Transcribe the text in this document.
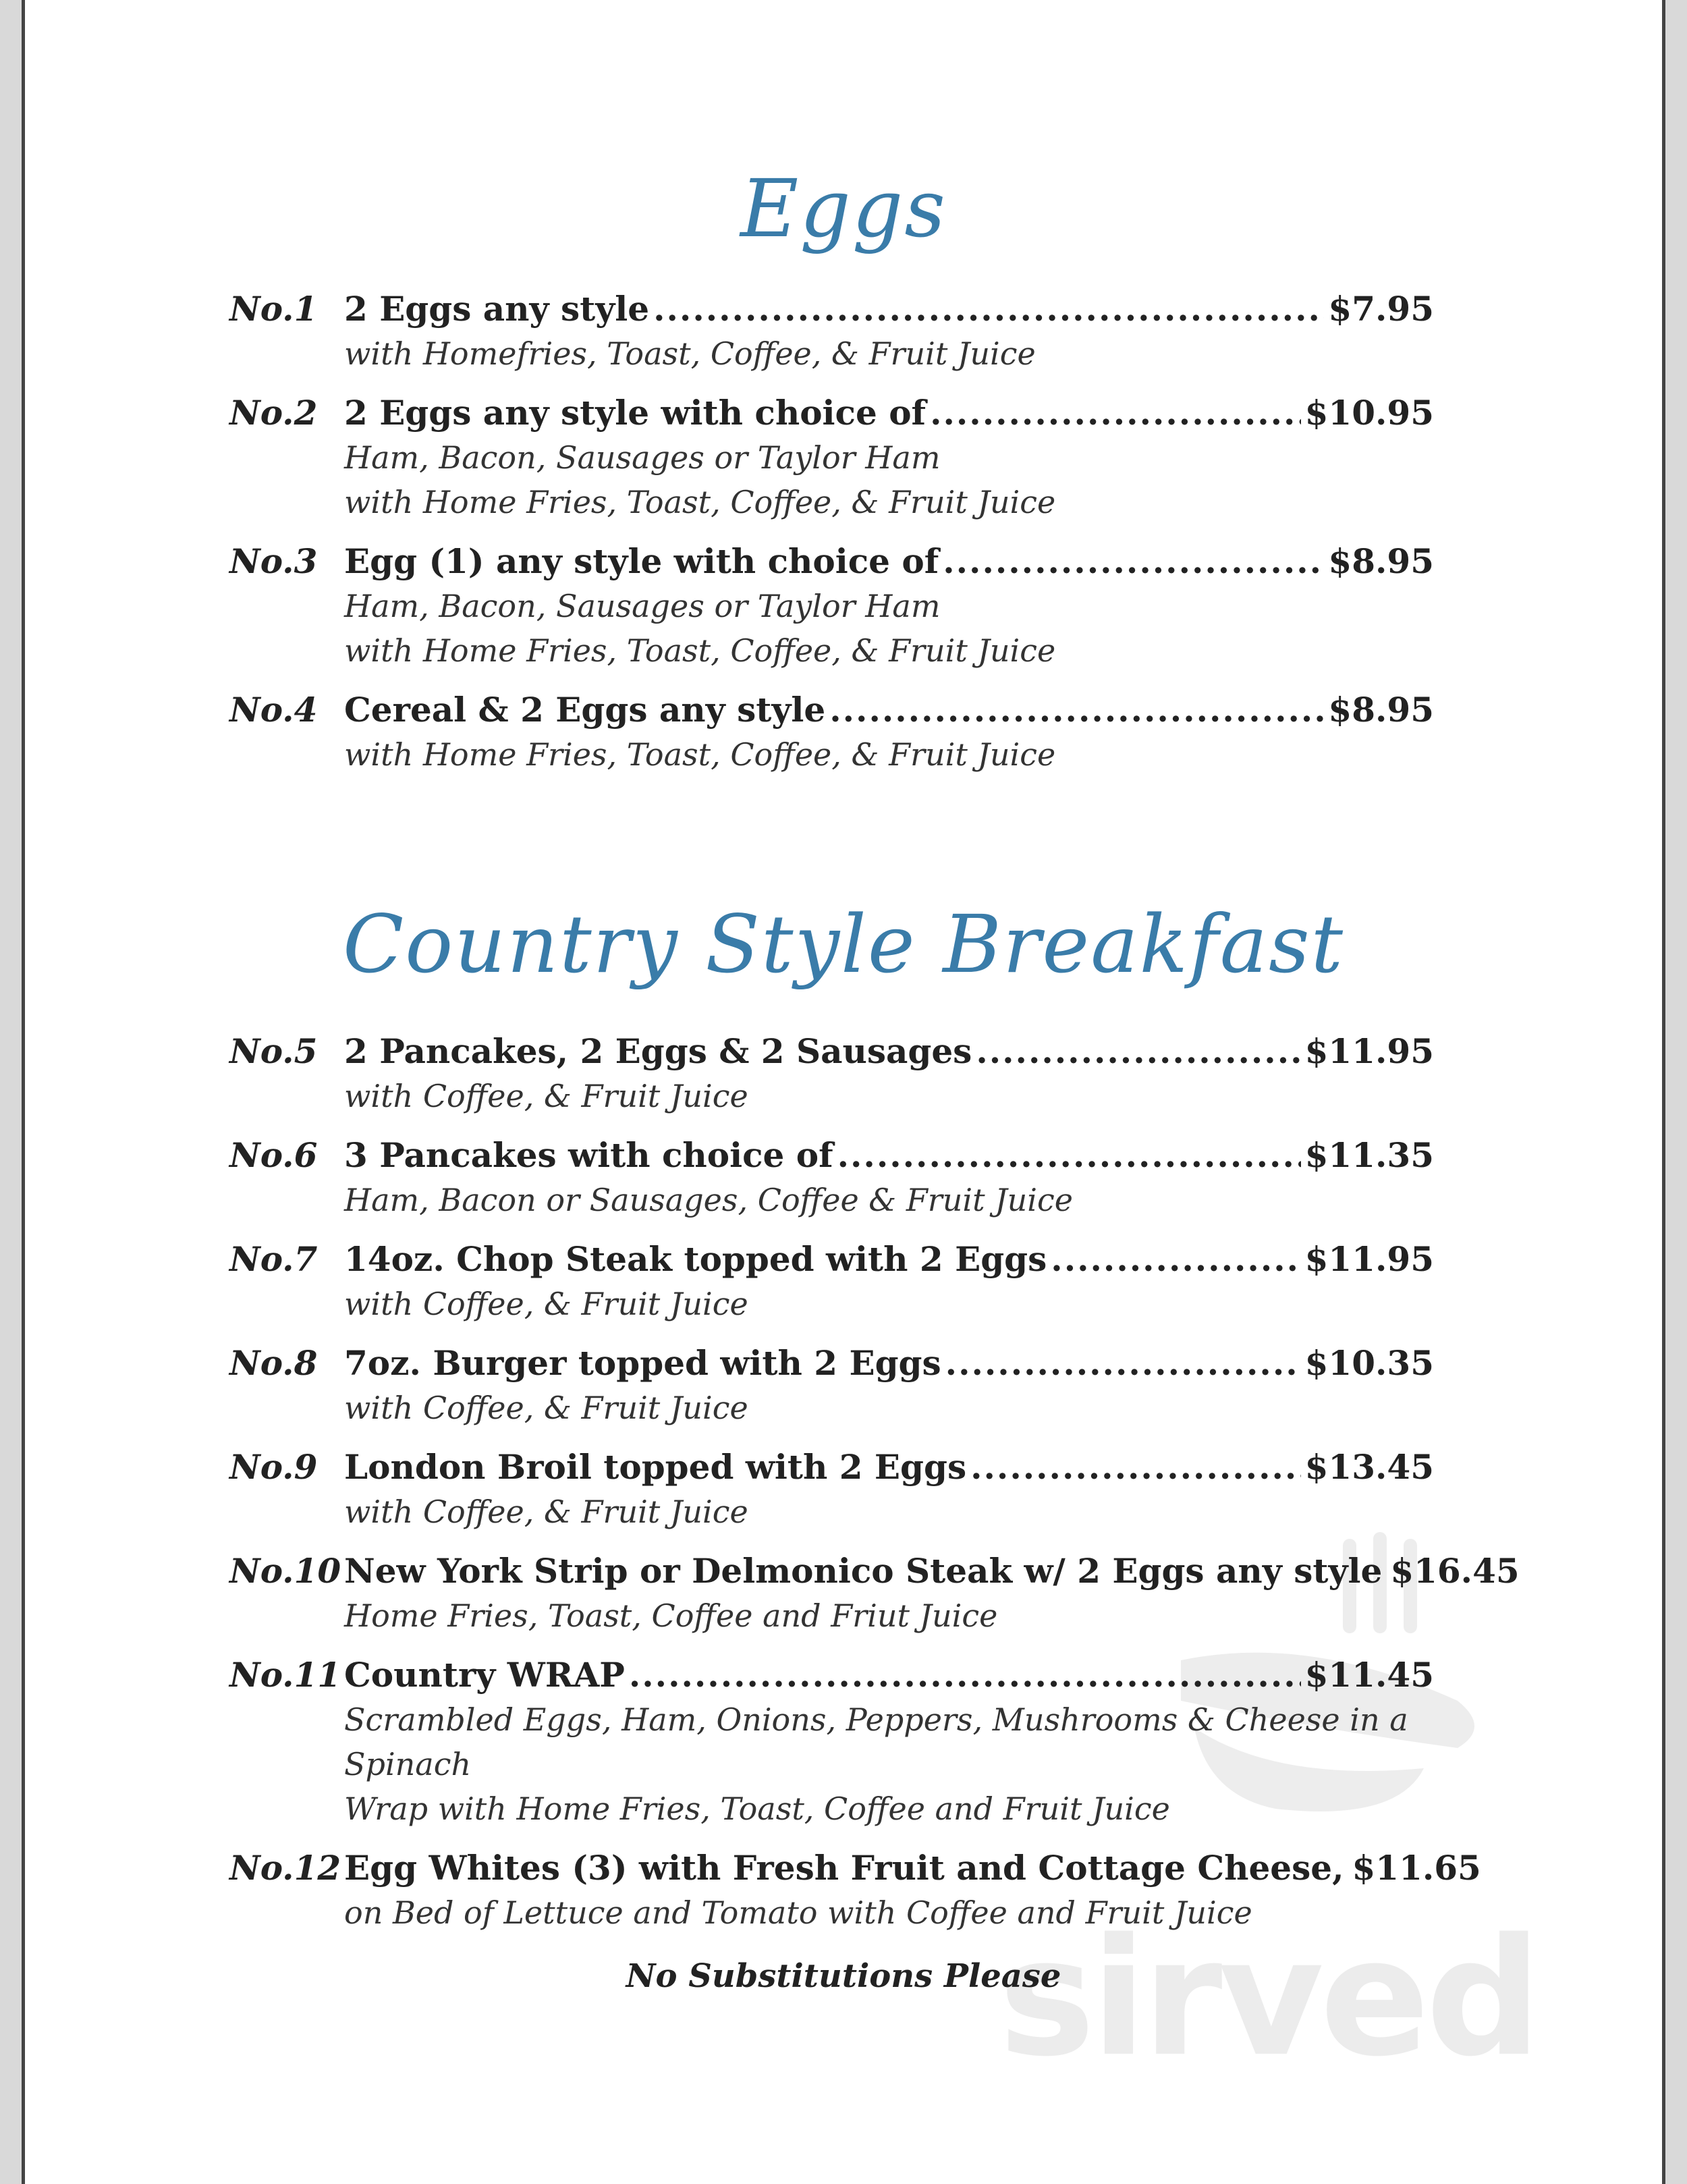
sirved
Eggs
No.1 2 Eggs any style .....	$7.95
with Homefries, Toast, Coffee, & Fruit Juice
No.2 2 Eggs any style with choice of .....	$10.95
Ham, Bacon, Sausages or Taylor Ham
with Home Fries, Toast, Coffee, & Fruit Juice
No.3 Egg (1) any style with choice of .....	$8.95
Ham, Bacon, Sausages or Taylor Ham
with Home Fries, Toast, Coffee, & Fruit Juice
No.4 Cereal & 2 Eggs any style .....	$8.95
with Home Fries, Toast, Coffee, & Fruit Juice
Country Style Breakfast
No.5 2 Pancakes, 2 Eggs & 2 Sausages .....	$11.95
with Coffee, & Fruit Juice
No.6 3 Pancakes with choice of .....	$11.35
Ham, Bacon or Sausages, Coffee & Fruit Juice
No.7 14oz. Chop Steak topped with 2 Eggs .....	$11.95
with Coffee, & Fruit Juice
No.8 7oz. Burger topped with 2 Eggs .....	$10.35
with Coffee, & Fruit Juice
No.9 London Broil topped with 2 Eggs .....	$13.45
with Coffee, & Fruit Juice
No.10 New York Strip or Delmonico Steak w/ 2 Eggs any style $16.45
Home Fries, Toast, Coffee and Friut Juice
No.11 Country WRAP .....	$11.45
Scrambled Eggs, Ham, Onions, Peppers, Mushrooms & Cheese in a Spinach
Wrap with Home Fries, Toast, Coffee and Fruit Juice
No.12 Egg Whites (3) with Fresh Fruit and Cottage Cheese, $11.65
on Bed of Lettuce and Tomato with Coffee and Fruit Juice
No Substitutions Please
